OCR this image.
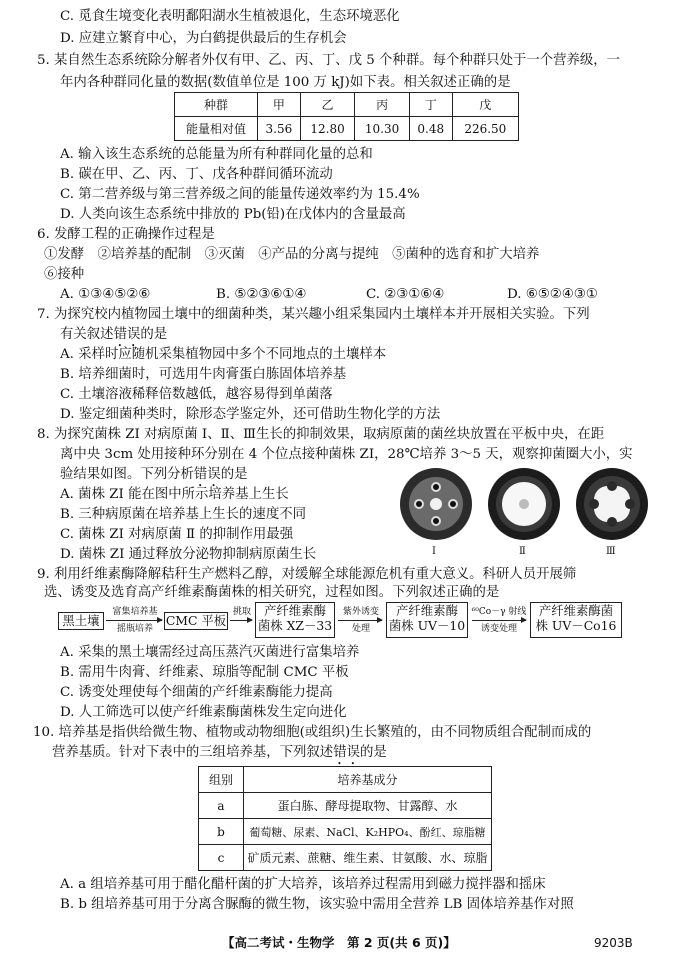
C. 觅食生境变化表明鄱阳湖水生植被退化，生态环境恶化
D. 应建立繁育中心，为白鹤提供最后的生存机会
5. 某自然生态系统除分解者外仅有甲、乙、丙、丁、戊 5 个种群。每个种群只处于一个营养级，一
年内各种群同化量的数据(数值单位是 100 万 kJ)如下表。相关叙述正确的是
种群	甲	乙	丙	丁	戊
能量相对值	3.56	12.80	10.30	0.48	226.50
A. 输入该生态系统的总能量为所有种群同化量的总和
B. 碳在甲、乙、丙、丁、戊各种群间循环流动
C. 第二营养级与第三营养级之间的能量传递效率约为 15.4%
D. 人类向该生态系统中排放的 Pb(铅)在戊体内的含量最高
6. 发酵工程的正确操作过程是
①发酵　②培养基的配制　③灭菌　④产品的分离与提纯　⑤菌种的选育和扩大培养
⑥接种
A. ①③④⑤②⑥	B. ⑤②③⑥①④	C. ②③①⑥④	D. ⑥⑤②④③①
7. 为探究校内植物园土壤中的细菌种类，某兴趣小组采集园内土壤样本并开展相关实验。下列
有关叙述错误的是
A. 采样时应随机采集植物园中多个不同地点的土壤样本
B. 培养细菌时，可选用牛肉膏蛋白胨固体培养基
C. 土壤溶液稀释倍数越低，越容易得到单菌落
D. 鉴定细菌种类时，除形态学鉴定外，还可借助生物化学的方法
8. 为探究菌株 ZI 对病原菌 Ⅰ、Ⅱ、Ⅲ生长的抑制效果，取病原菌的菌丝块放置在平板中央，在距
离中央 3cm 处用接种环分别在 4 个位点接种菌株 ZI，28℃培养 3～5 天，观察抑菌圈大小，实
验结果如图。下列分析错误的是
A. 菌株 ZI 能在图中所示培养基上生长
B. 三种病原菌在培养基上生长的速度不同
C. 菌株 ZI 对病原菌 Ⅱ 的抑制作用最强
D. 菌株 ZI 通过释放分泌物抑制病原菌生长	Ⅰ	Ⅱ	Ⅲ
9. 利用纤维素酶降解秸秆生产燃料乙醇，对缓解全球能源危机有重大意义。科研人员开展筛
选、诱变及选育高产纤维素酶菌株的相关研究，过程如图。下列叙述正确的是
黑土壤
富集培养基
摇瓶培养
CMC 平板
挑取	产纤维素酶
菌株 XZ－33
紫外诱变
处理
产纤维素酶
菌株 UV－10
⁶⁰Co－γ 射线
诱变处理
产纤维素酶菌
株 UV－Co16
A. 采集的黑土壤需经过高压蒸汽灭菌进行富集培养
B. 需用牛肉膏、纤维素、琼脂等配制 CMC 平板
C. 诱变处理使每个细菌的产纤维素酶能力提高
D. 人工筛选可以使产纤维素酶菌株发生定向进化
10. 培养基是指供给微生物、植物或动物细胞(或组织)生长繁殖的，由不同物质组合配制而成的
营养基质。针对下表中的三组培养基，下列叙述错误的是
组别	培养基成分
a	蛋白胨、酵母提取物、甘露醇、水
b	葡萄糖、尿素、NaCl、K₂HPO₄、酚红、琼脂糖
c	矿质元素、蔗糖、维生素、甘氨酸、水、琼脂
A. a 组培养基可用于醋化醋杆菌的扩大培养，该培养过程需用到磁力搅拌器和摇床
B. b 组培养基可用于分离含脲酶的微生物，该实验中需用全营养 LB 固体培养基作对照
【高二考试・生物学　第 2 页(共 6 页)】	9203B
